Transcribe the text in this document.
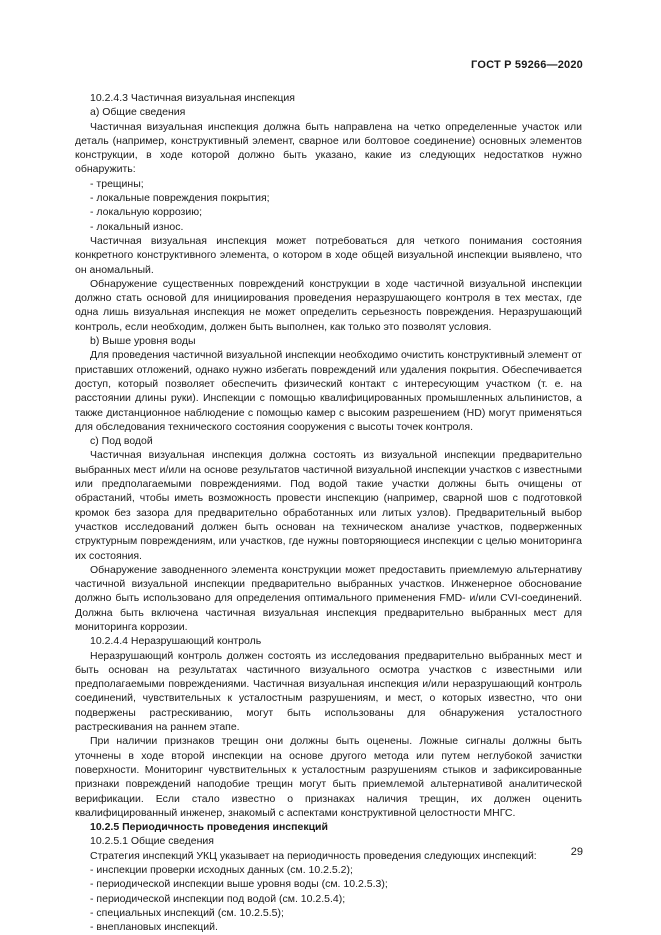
ГОСТ Р 59266—2020

10.2.4.3 Частичная визуальная инспекция

a) Общие сведения

Частичная визуальная инспекция должна быть направлена на четко определенные участок или деталь (например, конструктивный элемент, сварное или болтовое соединение) основных элементов конструкции, в ходе которой должно быть указано, какие из следующих недостатков нужно обнаружить:

- трещины;

- локальные повреждения покрытия;

- локальную коррозию;

- локальный износ.

Частичная визуальная инспекция может потребоваться для четкого понимания состояния конкретного конструктивного элемента, о котором в ходе общей визуальной инспекции выявлено, что он аномальный.

Обнаружение существенных повреждений конструкции в ходе частичной визуальной инспекции должно стать основой для инициирования проведения неразрушающего контроля в тех местах, где одна лишь визуальная инспекция не может определить серьезность повреждения. Неразрушающий контроль, если необходим, должен быть выполнен, как только это позволят условия.

b) Выше уровня воды

Для проведения частичной визуальной инспекции необходимо очистить конструктивный элемент от приставших отложений, однако нужно избегать повреждений или удаления покрытия. Обеспечивается доступ, который позволяет обеспечить физический контакт с интересующим участком (т. е. на расстоянии длины руки). Инспекции с помощью квалифицированных промышленных альпинистов, а также дистанционное наблюдение с помощью камер с высоким разрешением (HD) могут применяться для обследования технического состояния сооружения с высоты точек контроля.

c) Под водой

Частичная визуальная инспекция должна состоять из визуальной инспекции предварительно выбранных мест и/или на основе результатов частичной визуальной инспекции участков с известными или предполагаемыми повреждениями. Под водой такие участки должны быть очищены от обрастаний, чтобы иметь возможность провести инспекцию (например, сварной шов с подготовкой кромок без зазора для предварительно обработанных или литых узлов). Предварительный выбор участков исследований должен быть основан на техническом анализе участков, подверженных структурным повреждениям, или участков, где нужны повторяющиеся инспекции с целью мониторинга их состояния.

Обнаружение заводненного элемента конструкции может предоставить приемлемую альтернативу частичной визуальной инспекции предварительно выбранных участков. Инженерное обоснование должно быть использовано для определения оптимального применения FMD- и/или CVI-соединений. Должна быть включена частичная визуальная инспекция предварительно выбранных мест для мониторинга коррозии.

10.2.4.4 Неразрушающий контроль

Неразрушающий контроль должен состоять из исследования предварительно выбранных мест и быть основан на результатах частичного визуального осмотра участков с известными или предполагаемыми повреждениями. Частичная визуальная инспекция и/или неразрушающий контроль соединений, чувствительных к усталостным разрушениям, и мест, о которых известно, что они подвержены растрескиванию, могут быть использованы для обнаружения усталостного растрескивания на раннем этапе.

При наличии признаков трещин они должны быть оценены. Ложные сигналы должны быть уточнены в ходе второй инспекции на основе другого метода или путем неглубокой зачистки поверхности. Мониторинг чувствительных к усталостным разрушениям стыков и зафиксированные признаки повреждений наподобие трещин могут быть приемлемой альтернативой аналитической верификации. Если стало известно о признаках наличия трещин, их должен оценить квалифицированный инженер, знакомый с аспектами конструктивной целостности МНГС.

10.2.5 Периодичность проведения инспекций

10.2.5.1 Общие сведения

Стратегия инспекций УКЦ указывает на периодичность проведения следующих инспекций:

- инспекции проверки исходных данных (см. 10.2.5.2);

- периодической инспекции выше уровня воды (см. 10.2.5.3);

- периодической инспекции под водой (см. 10.2.5.4);

- специальных инспекций (см. 10.2.5.5);

- внеплановых инспекций.

29
